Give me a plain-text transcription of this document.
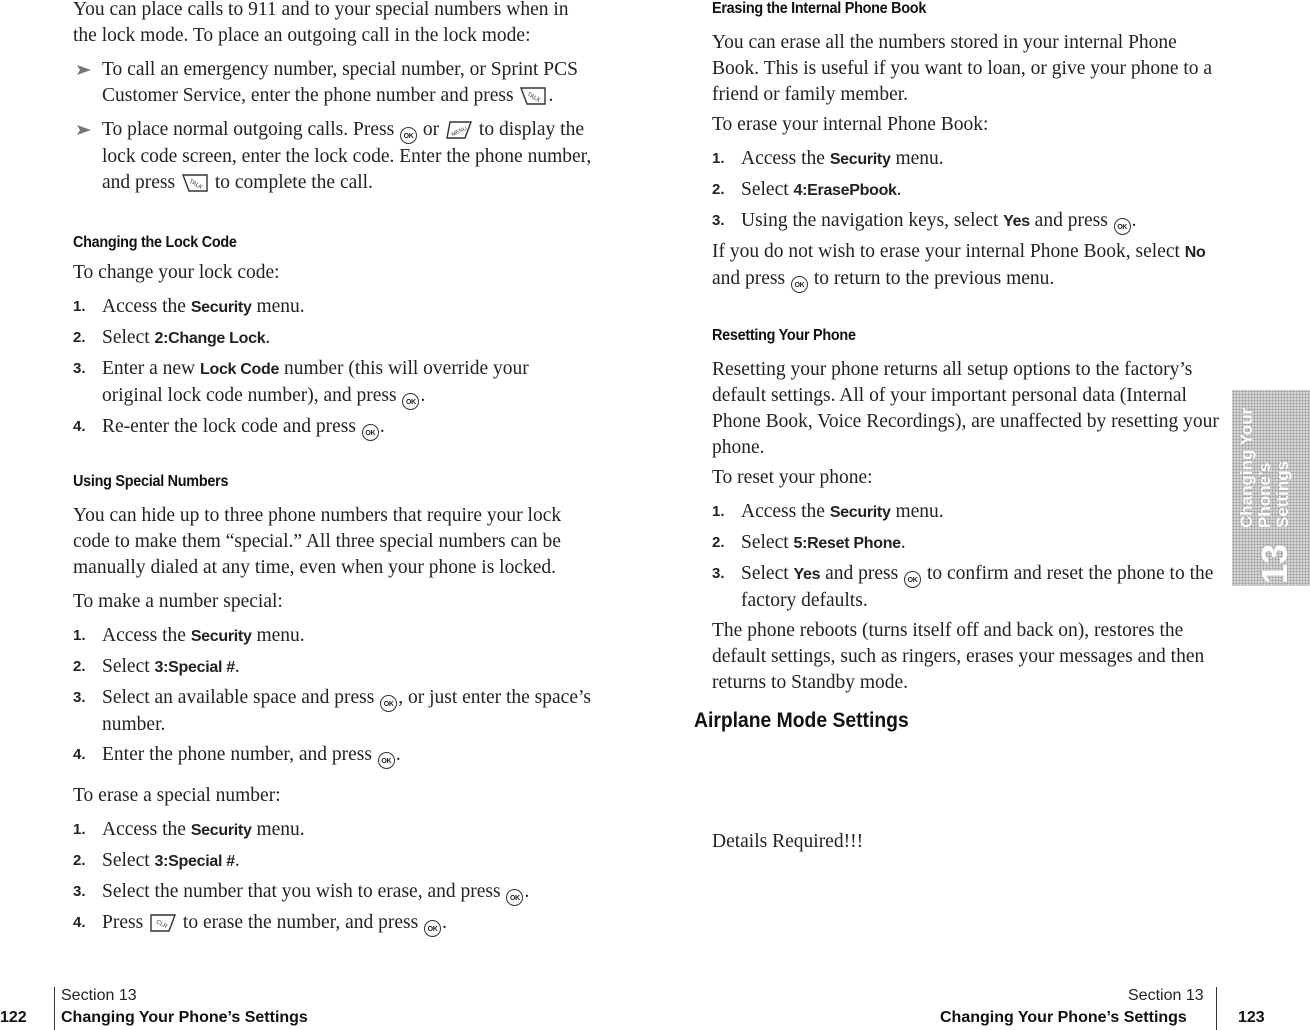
You can place calls to 911 and to your special numbers when in the lock mode. To place an outgoing call in the lock mode:

To call an emergency number, special number, or Sprint PCS Customer Service, enter the phone number and press TALK .

To place normal outgoing calls. Press OK or MENU to display the lock code screen, enter the lock code. Enter the phone number, and press TALK to complete the call.

Changing the Lock Code

To change your lock code:

1. Access the Security menu.

2. Select 2:Change Lock.

3. Enter a new Lock Code number (this will override your original lock code number), and press OK .

4. Re-enter the lock code and press OK .

Using Special Numbers

You can hide up to three phone numbers that require your lock code to make them “special.” All three special numbers can be manually dialed at any time, even when your phone is locked.

To make a number special:

1. Access the Security menu.

2. Select 3:Special #.

3. Select an available space and press OK , or just enter the space’s number.

4. Enter the phone number, and press OK .

To erase a special number:

1. Access the Security menu.

2. Select 3:Special #.

3. Select the number that you wish to erase, and press OK .

4. Press CLR to erase the number, and press OK .

Erasing the Internal Phone Book

You can erase all the numbers stored in your internal Phone Book. This is useful if you want to loan, or give your phone to a friend or family member.

To erase your internal Phone Book:

1. Access the Security menu.

2. Select 4:ErasePbook.

3. Using the navigation keys, select Yes and press OK .

If you do not wish to erase your internal Phone Book, select No and press OK to return to the previous menu.

Resetting Your Phone

Resetting your phone returns all setup options to the factory’s default settings. All of your important personal data (Internal Phone Book, Voice Recordings), are unaffected by resetting your phone.

To reset your phone:

1. Access the Security menu.

2. Select 5:Reset Phone.

3. Select Yes and press OK to confirm and reset the phone to the factory defaults.

The phone reboots (turns itself off and back on), restores the default settings, such as ringers, erases your messages and then returns to Standby mode.

Details Required!!!

Airplane Mode Settings

Changing Your Phone’s Settings
13
122
Section 13
Changing Your Phone’s Settings
Section 13
Changing Your Phone’s Settings	123
